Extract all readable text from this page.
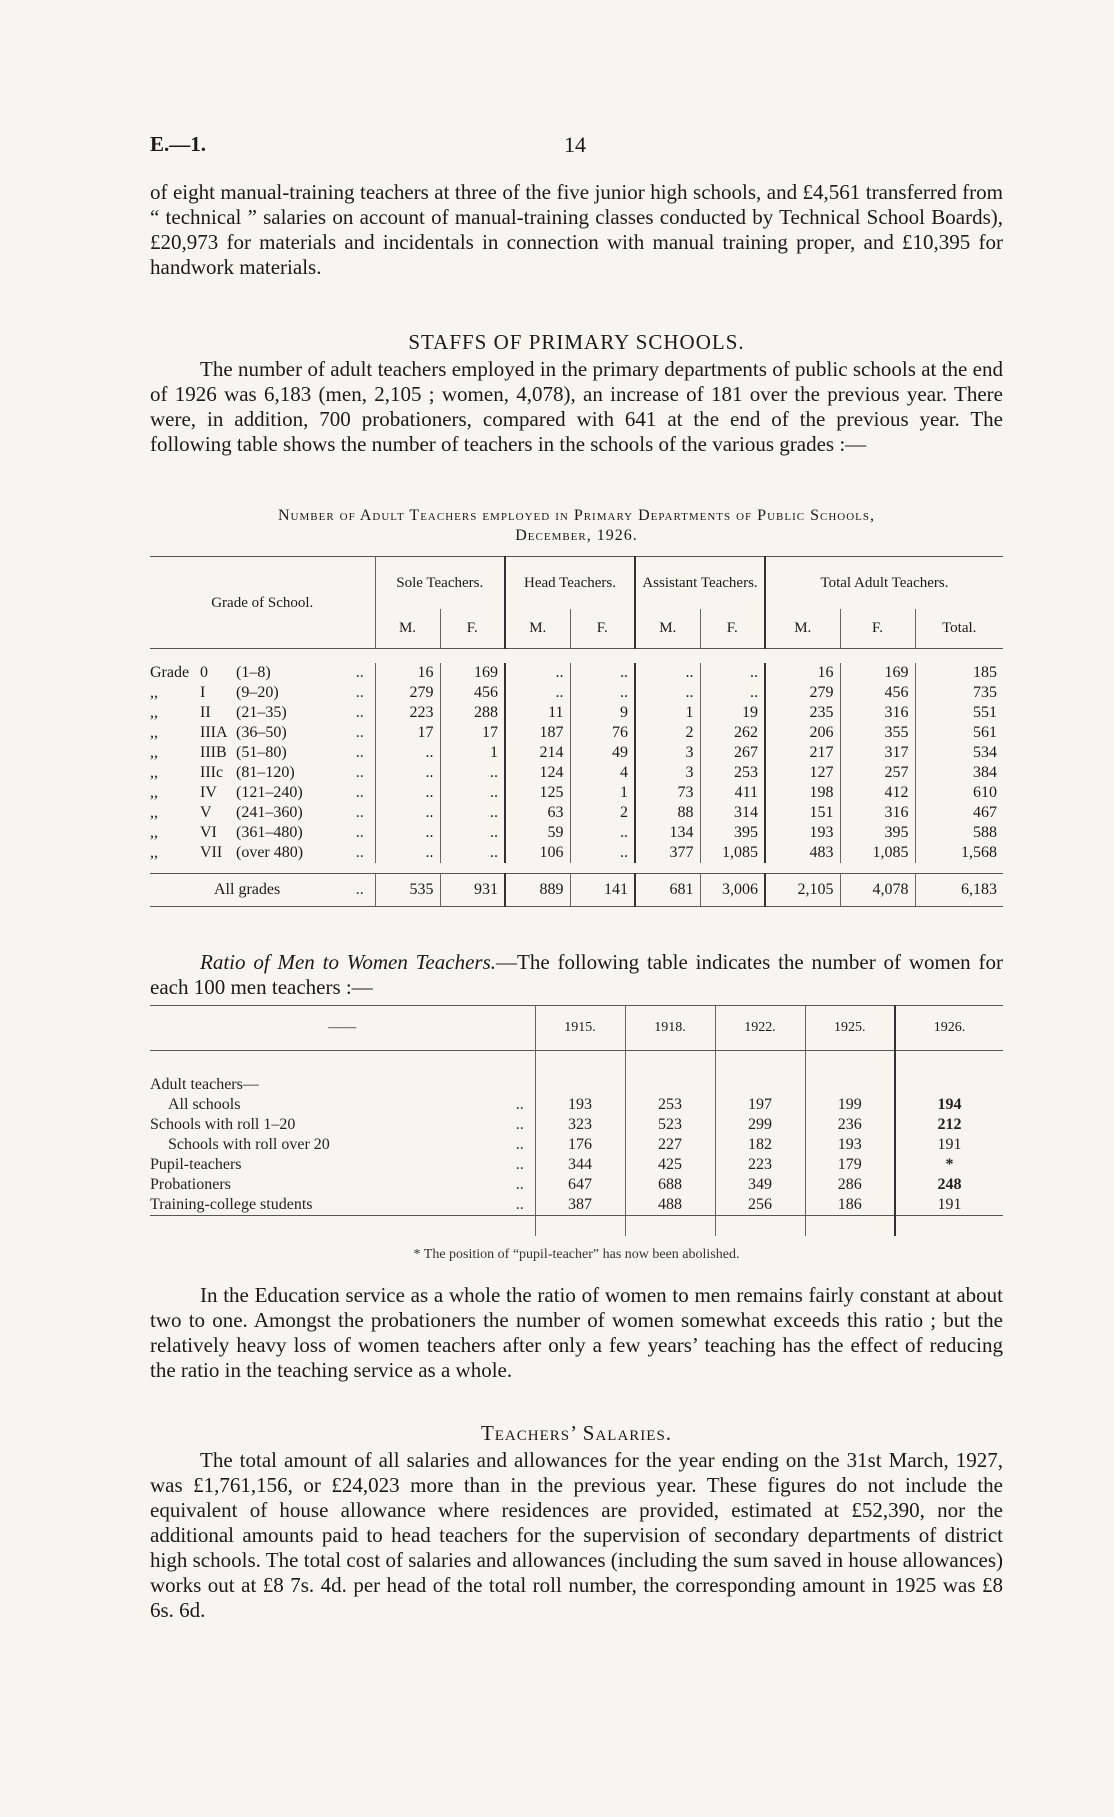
E.—1.	14

of eight manual-training teachers at three of the five junior high schools, and £4,561 transferred from “ technical ” salaries on account of manual-training classes conducted by Technical School Boards), £20,973 for materials and incidentals in connection with manual training proper, and £10,395 for handwork materials.

STAFFS OF PRIMARY SCHOOLS.

The number of adult teachers employed in the primary departments of public schools at the end of 1926 was 6,183 (men, 2,105 ; women, 4,078), an increase of 181 over the previous year. There were, in addition, 700 probationers, compared with 641 at the end of the previous year. The following table shows the number of teachers in the schools of the various grades :—

Number of Adult Teachers employed in Primary Departments of Public Schools,
December, 1926.
Grade of School.		Sole Teachers.		Head Teachers.		Assistant Teachers.		Total Adult Teachers.		
		M.	F.	M.	F.	M.	F.	M.	F.	Total.

Grade 0 (1–8)	..	16	169	..	..	..	..	16	169	185
,, I (9–20)	..	279	456	..	..	..	..	279	456	735
,, II (21–35)	..	223	288	11	9	1	19	235	316	551
,, IIIA (36–50)	..	17	17	187	76	2	262	206	355	561
,, IIIB (51–80)	..	..	1	214	49	3	267	217	317	534
,, IIIc (81–120)	..	..	..	124	4	3	253	127	257	384
,, IV (121–240)	..	..	..	125	1	73	411	198	412	610
,, V (241–360)	..	..	..	63	2	88	314	151	316	467
,, VI (361–480)	..	..	..	59	..	134	395	193	395	588
,, VII (over 480)	..	..	..	106	..	377	1,085	483	1,085	1,568

All grades	..	535	931	889	141	681	3,006	2,105	4,078	6,183

Ratio of Men to Women Teachers.—The following table indicates the number of women for each 100 men teachers :—

——		1915.	1918.	1922.	1925.	1926.

Adult teachers—						
All schools	..	193	253	197	199	194
Schools with roll 1–20	..	323	523	299	236	212
Schools with roll over 20	..	176	227	182	193	191
Pupil-teachers	..	344	425	223	179	*
Probationers	..	647	688	349	286	248
Training-college students	..	387	488	256	186	191

* The position of “pupil-teacher” has now been abolished.

In the Education service as a whole the ratio of women to men remains fairly constant at about two to one. Amongst the probationers the number of women somewhat exceeds this ratio ; but the relatively heavy loss of women teachers after only a few years’ teaching has the effect of reducing the ratio in the teaching service as a whole.

Teachers’ Salaries.

The total amount of all salaries and allowances for the year ending on the 31st March, 1927, was £1,761,156, or £24,023 more than in the previous year. These figures do not include the equivalent of house allowance where residences are provided, estimated at £52,390, nor the additional amounts paid to head teachers for the supervision of secondary departments of district high schools. The total cost of salaries and allowances (including the sum saved in house allowances) works out at £8 7s. 4d. per head of the total roll number, the corresponding amount in 1925 was £8 6s. 6d.
